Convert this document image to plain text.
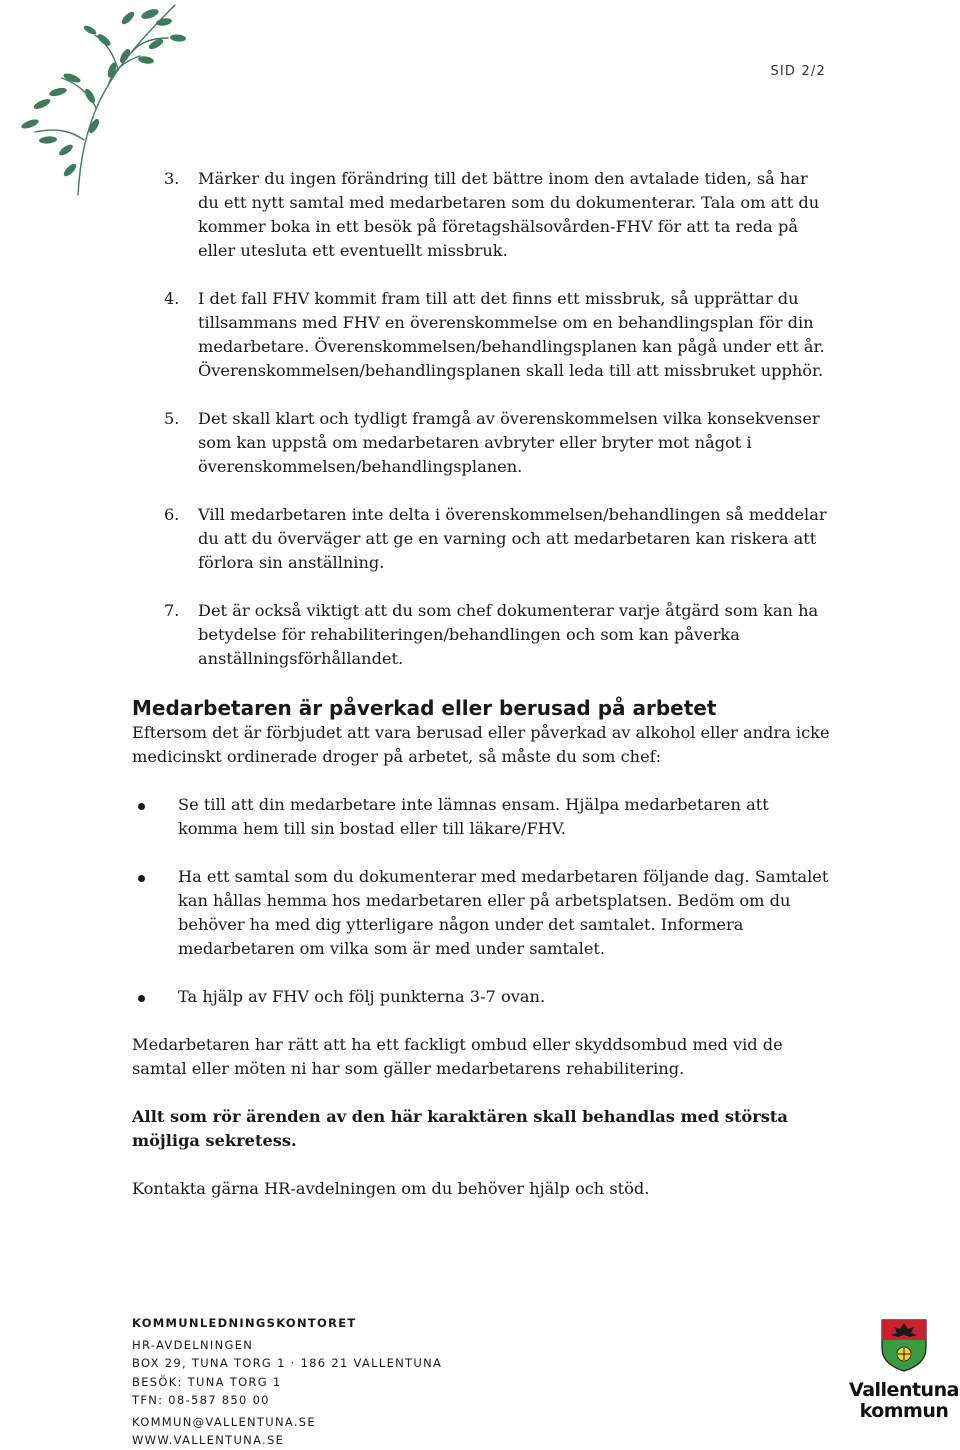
SID 2/2
3. Märker du ingen förändring till det bättre inom den avtalade tiden, så har du ett nytt samtal med medarbetaren som du dokumenterar. Tala om att du kommer boka in ett besök på företagshälsovården-FHV för att ta reda på eller utesluta ett eventuellt missbruk.
4. I det fall FHV kommit fram till att det finns ett missbruk, så upprättar du tillsammans med FHV en överenskommelse om en behandlingsplan för din medarbetare. Överenskommelsen/behandlingsplanen kan pågå under ett år. Överenskommelsen/behandlingsplanen skall leda till att missbruket upphör.
5. Det skall klart och tydligt framgå av överenskommelsen vilka konsekvenser som kan uppstå om medarbetaren avbryter eller bryter mot något i överenskommelsen/behandlingsplanen.
6. Vill medarbetaren inte delta i överenskommelsen/behandlingen så meddelar du att du överväger att ge en varning och att medarbetaren kan riskera att förlora sin anställning.
7. Det är också viktigt att du som chef dokumenterar varje åtgärd som kan ha betydelse för rehabiliteringen/behandlingen och som kan påverka anställningsförhållandet.
Medarbetaren är påverkad eller berusad på arbetet

Eftersom det är förbjudet att vara berusad eller påverkad av alkohol eller andra icke medicinskt ordinerade droger på arbetet, så måste du som chef:

Se till att din medarbetare inte lämnas ensam. Hjälpa medarbetaren att komma hem till sin bostad eller till läkare/FHV.
Ha ett samtal som du dokumenterar med medarbetaren följande dag. Samtalet kan hållas hemma hos medarbetaren eller på arbetsplatsen. Bedöm om du behöver ha med dig ytterligare någon under det samtalet. Informera medarbetaren om vilka som är med under samtalet.
Ta hjälp av FHV och följ punkterna 3-7 ovan.

Medarbetaren har rätt att ha ett fackligt ombud eller skyddsombud med vid de samtal eller möten ni har som gäller medarbetarens rehabilitering.

Allt som rör ärenden av den här karaktären skall behandlas med största möjliga sekretess.

Kontakta gärna HR-avdelningen om du behöver hjälp och stöd.

KOMMUNLEDNINGSKONTORET
HR-AVDELNINGEN
BOX 29, TUNA TORG 1 · 186 21 VALLENTUNA
BESÖK: TUNA TORG 1
TFN: 08-587 850 00
KOMMUN@VALLENTUNA.SE
WWW.VALLENTUNA.SE
Vallentuna
kommun
